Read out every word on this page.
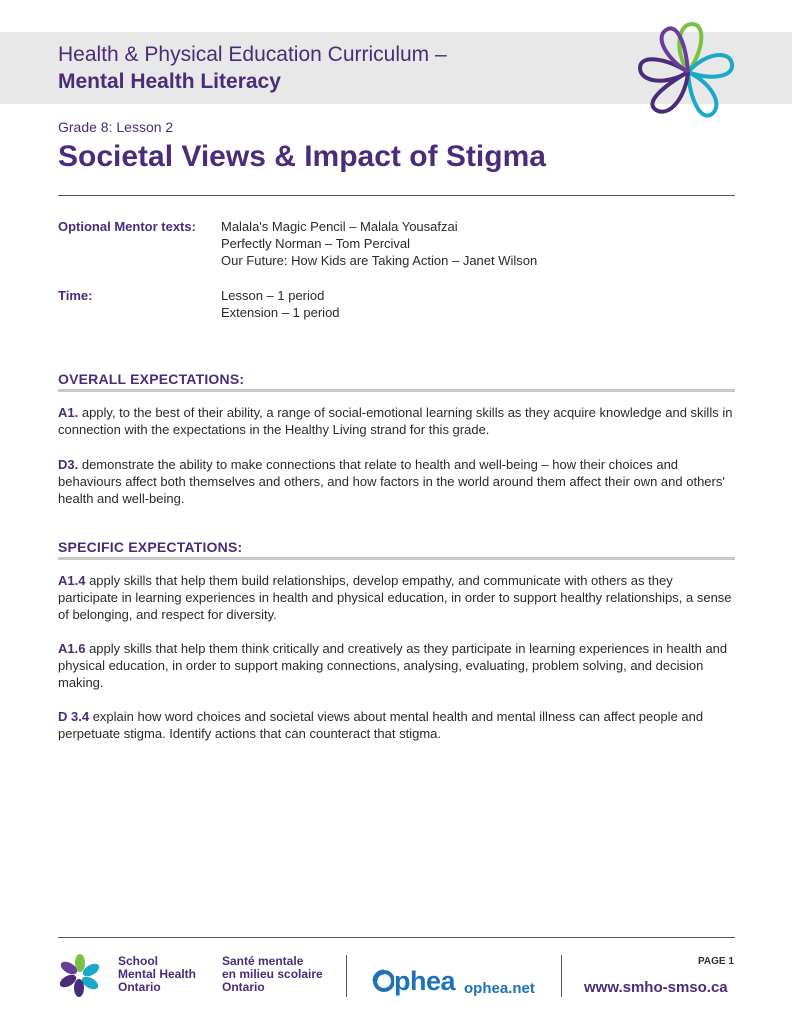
Health & Physical Education Curriculum –
Mental Health Literacy
Grade 8: Lesson 2
Societal Views & Impact of Stigma
Optional Mentor texts:	Malala's Magic Pencil – Malala Yousafzai
Perfectly Norman – Tom Percival
Our Future: How Kids are Taking Action – Janet Wilson
Time:	Lesson – 1 period
Extension – 1 period
OVERALL EXPECTATIONS:

A1. apply, to the best of their ability, a range of social-emotional learning skills as they acquire knowledge and skills in connection with the expectations in the Healthy Living strand for this grade.

D3. demonstrate the ability to make connections that relate to health and well-being – how their choices and behaviours affect both themselves and others, and how factors in the world around them affect their own and others' health and well-being.

SPECIFIC EXPECTATIONS:

A1.4 apply skills that help them build relationships, develop empathy, and communicate with others as they participate in learning experiences in health and physical education, in order to support healthy relationships, a sense of belonging, and respect for diversity.

A1.6 apply skills that help them think critically and creatively as they participate in learning experiences in health and physical education, in order to support making connections, analysing, evaluating, problem solving, and decision making.

D 3.4 explain how word choices and societal views about mental health and mental illness can affect people and perpetuate stigma. Identify actions that can counteract that stigma.

School
Mental Health
Ontario
Santé mentale
en milieu scolaire
Ontario	phea ophea.net
PAGE 1
www.smho-smso.ca
